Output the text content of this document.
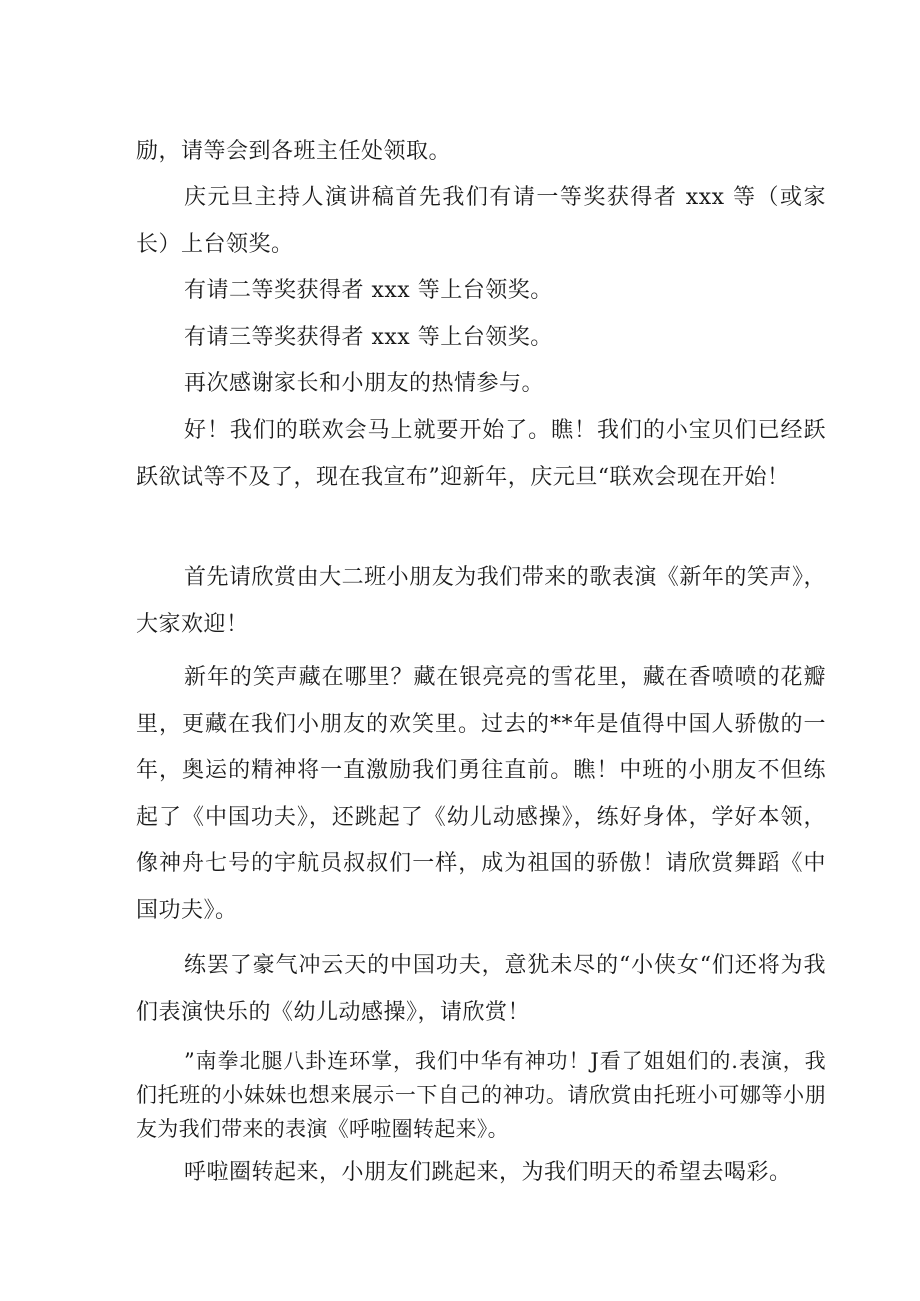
励，请等会到各班主任处领取。

庆元旦主持人演讲稿首先我们有请一等奖获得者 xxx 等（或家长）上台领奖。

有请二等奖获得者 xxx 等上台领奖。

有请三等奖获得者 xxx 等上台领奖。

再次感谢家长和小朋友的热情参与。

好！我们的联欢会马上就要开始了。瞧！我们的小宝贝们已经跃跃欲试等不及了，现在我宣布”迎新年，庆元旦“联欢会现在开始！

首先请欣赏由大二班小朋友为我们带来的歌表演《新年的笑声》，大家欢迎！

新年的笑声藏在哪里？藏在银亮亮的雪花里，藏在香喷喷的花瓣里，更藏在我们小朋友的欢笑里。过去的**年是值得中国人骄傲的一年，奥运的精神将一直激励我们勇往直前。瞧！中班的小朋友不但练起了《中国功夫》，还跳起了《幼儿动感操》，练好身体，学好本领，像神舟七号的宇航员叔叔们一样，成为祖国的骄傲！请欣赏舞蹈《中国功夫》。

练罢了豪气冲云天的中国功夫，意犹未尽的“小侠女“们还将为我们表演快乐的《幼儿动感操》，请欣赏！

”南拳北腿八卦连环掌，我们中华有神功！J看了姐姐们的.表演，我们托班的小妹妹也想来展示一下自己的神功。请欣赏由托班小可娜等小朋友为我们带来的表演《呼啦圈转起来》。

呼啦圈转起来，小朋友们跳起来，为我们明天的希望去喝彩。
